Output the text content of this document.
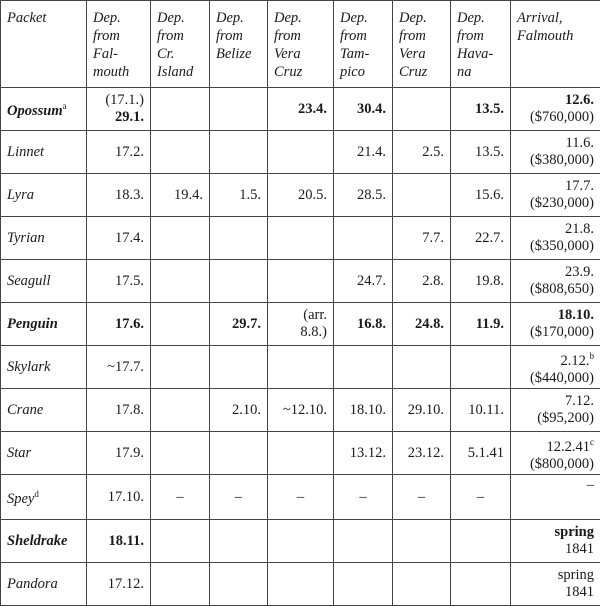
Packet	Dep.
from
Fal-
mouth	Dep.
from
Cr.
Island	Dep.
from
Belize	Dep.
from
Vera
Cruz	Dep.
from
Tam-
pico	Dep.
from
Vera
Cruz	Dep.
from
Hava-
na	Arrival,
Falmouth

Opossum$^a$	(17.1.)
29.1.			23.4.	30.4.		13.5.	12.6.
($760,000)

Linnet	17.2.				21.4.	2.5.	13.5.	11.6.
($380,000)

Lyra	18.3.	19.4.	1.5.	20.5.	28.5.		15.6.	17.7.
($230,000)

Tyrian	17.4.					7.7.	22.7.	21.8.
($350,000)

Seagull	17.5.				24.7.	2.8.	19.8.	23.9.
($808,650)

Penguin	17.6.		29.7.	(arr.
8.8.)	16.8.	24.8.	11.9.	18.10.
($170,000)

Skylark	~17.7.							2.12.$^b$
($440,000)

Crane	17.8.		2.10.	~12.10.	18.10.	29.10.	10.11.	7.12.
($95,200)

Star	17.9.				13.12.	23.12.	5.1.41	12.2.41$^c$
($800,000)

Spey$^d$	17.10.	–	–	–	–	–	–	–
Sheldrake	18.11.							spring
1841

Pandora	17.12.							spring
1841
